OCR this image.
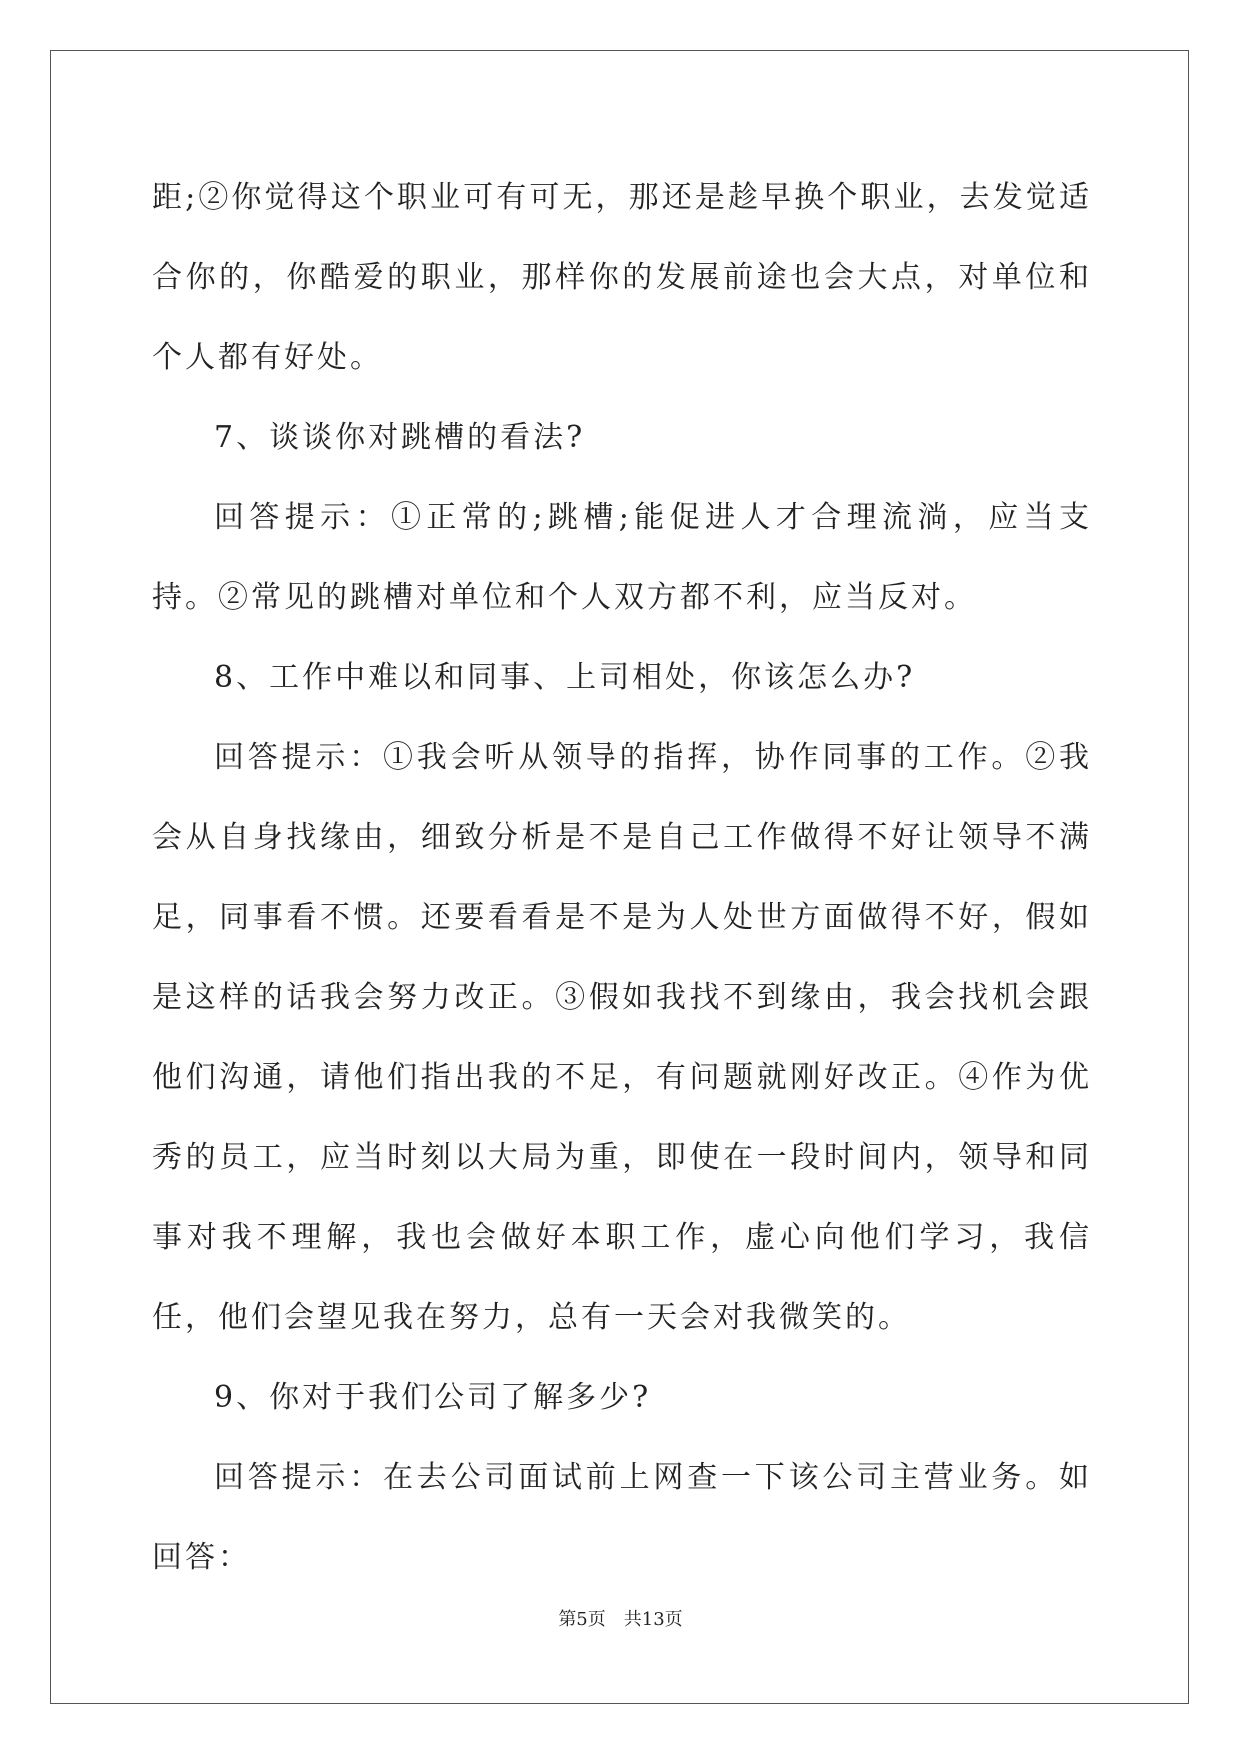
距;②你觉得这个职业可有可无，那还是趁早换个职业，去发觉适合你的，你酷爱的职业，那样你的发展前途也会大点，对单位和个人都有好处。

7、谈谈你对跳槽的看法?

回答提示：①正常的;跳槽;能促进人才合理流淌，应当支持。②常见的跳槽对单位和个人双方都不利，应当反对。

8、工作中难以和同事、上司相处，你该怎么办?

回答提示：①我会听从领导的指挥，协作同事的工作。②我会从自身找缘由，细致分析是不是自己工作做得不好让领导不满足，同事看不惯。还要看看是不是为人处世方面做得不好，假如是这样的话我会努力改正。③假如我找不到缘由，我会找机会跟他们沟通，请他们指出我的不足，有问题就刚好改正。④作为优秀的员工，应当时刻以大局为重，即使在一段时间内，领导和同事对我不理解，我也会做好本职工作，虚心向他们学习，我信任，他们会望见我在努力，总有一天会对我微笑的。

9、你对于我们公司了解多少?

回答提示：在去公司面试前上网查一下该公司主营业务。如回答：

第5页 共13页
